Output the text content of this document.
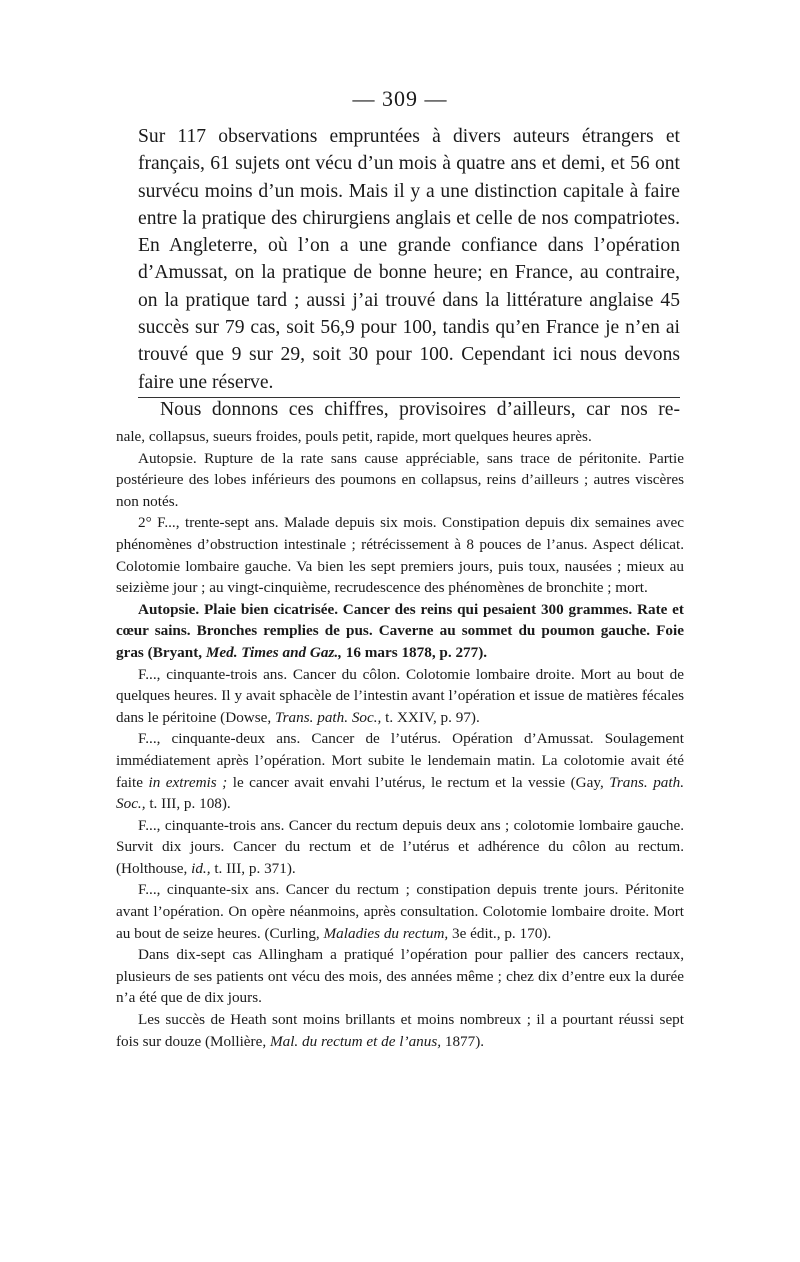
— 309 —

Sur 117 observations empruntées à divers auteurs étrangers et français, 61 sujets ont vécu d’un mois à quatre ans et demi, et 56 ont survécu moins d’un mois. Mais il y a une distinction capitale à faire entre la pratique des chirurgiens anglais et celle de nos compatriotes. En Angleterre, où l’on a une grande confiance dans l’opération d’Amussat, on la pratique de bonne heure; en France, au contraire, on la pratique tard ; aussi j’ai trouvé dans la littérature anglaise 45 succès sur 79 cas, soit 56,9 pour 100, tandis qu’en France je n’en ai trouvé que 9 sur 29, soit 30 pour 100. Cependant ici nous devons faire une réserve.

Nous donnons ces chiffres, provisoires d’ailleurs, car nos re-

nale, collapsus, sueurs froides, pouls petit, rapide, mort quelques heures après.

Autopsie. Rupture de la rate sans cause appréciable, sans trace de péritonite. Partie postérieure des lobes inférieurs des poumons en collapsus, reins d’ailleurs ; autres viscères non notés.

2° F..., trente-sept ans. Malade depuis six mois. Constipation depuis dix semaines avec phénomènes d’obstruction intestinale ; rétrécissement à 8 pouces de l’anus. Aspect délicat. Colotomie lombaire gauche. Va bien les sept premiers jours, puis toux, nausées ; mieux au seizième jour ; au vingt-cinquième, recrudescence des phénomènes de bronchite ; mort.

Autopsie. Plaie bien cicatrisée. Cancer des reins qui pesaient 300 grammes. Rate et cœur sains. Bronches remplies de pus. Caverne au sommet du poumon gauche. Foie gras (Bryant, Med. Times and Gaz., 16 mars 1878, p. 277).

F..., cinquante-trois ans. Cancer du côlon. Colotomie lombaire droite. Mort au bout de quelques heures. Il y avait sphacèle de l’intestin avant l’opération et issue de matières fécales dans le péritoine (Dowse, Trans. path. Soc., t. XXIV, p. 97).

F..., cinquante-deux ans. Cancer de l’utérus. Opération d’Amussat. Soulagement immédiatement après l’opération. Mort subite le lendemain matin. La colotomie avait été faite in extremis ; le cancer avait envahi l’utérus, le rectum et la vessie (Gay, Trans. path. Soc., t. III, p. 108).

F..., cinquante-trois ans. Cancer du rectum depuis deux ans ; colotomie lombaire gauche. Survit dix jours. Cancer du rectum et de l’utérus et adhérence du côlon au rectum. (Holthouse, id., t. III, p. 371).

F..., cinquante-six ans. Cancer du rectum ; constipation depuis trente jours. Péritonite avant l’opération. On opère néanmoins, après consultation. Colotomie lombaire droite. Mort au bout de seize heures. (Curling, Maladies du rectum, 3e édit., p. 170).

Dans dix-sept cas Allingham a pratiqué l’opération pour pallier des cancers rectaux, plusieurs de ses patients ont vécu des mois, des années même ; chez dix d’entre eux la durée n’a été que de dix jours.

Les succès de Heath sont moins brillants et moins nombreux ; il a pourtant réussi sept fois sur douze (Mollière, Mal. du rectum et de l’anus, 1877).
